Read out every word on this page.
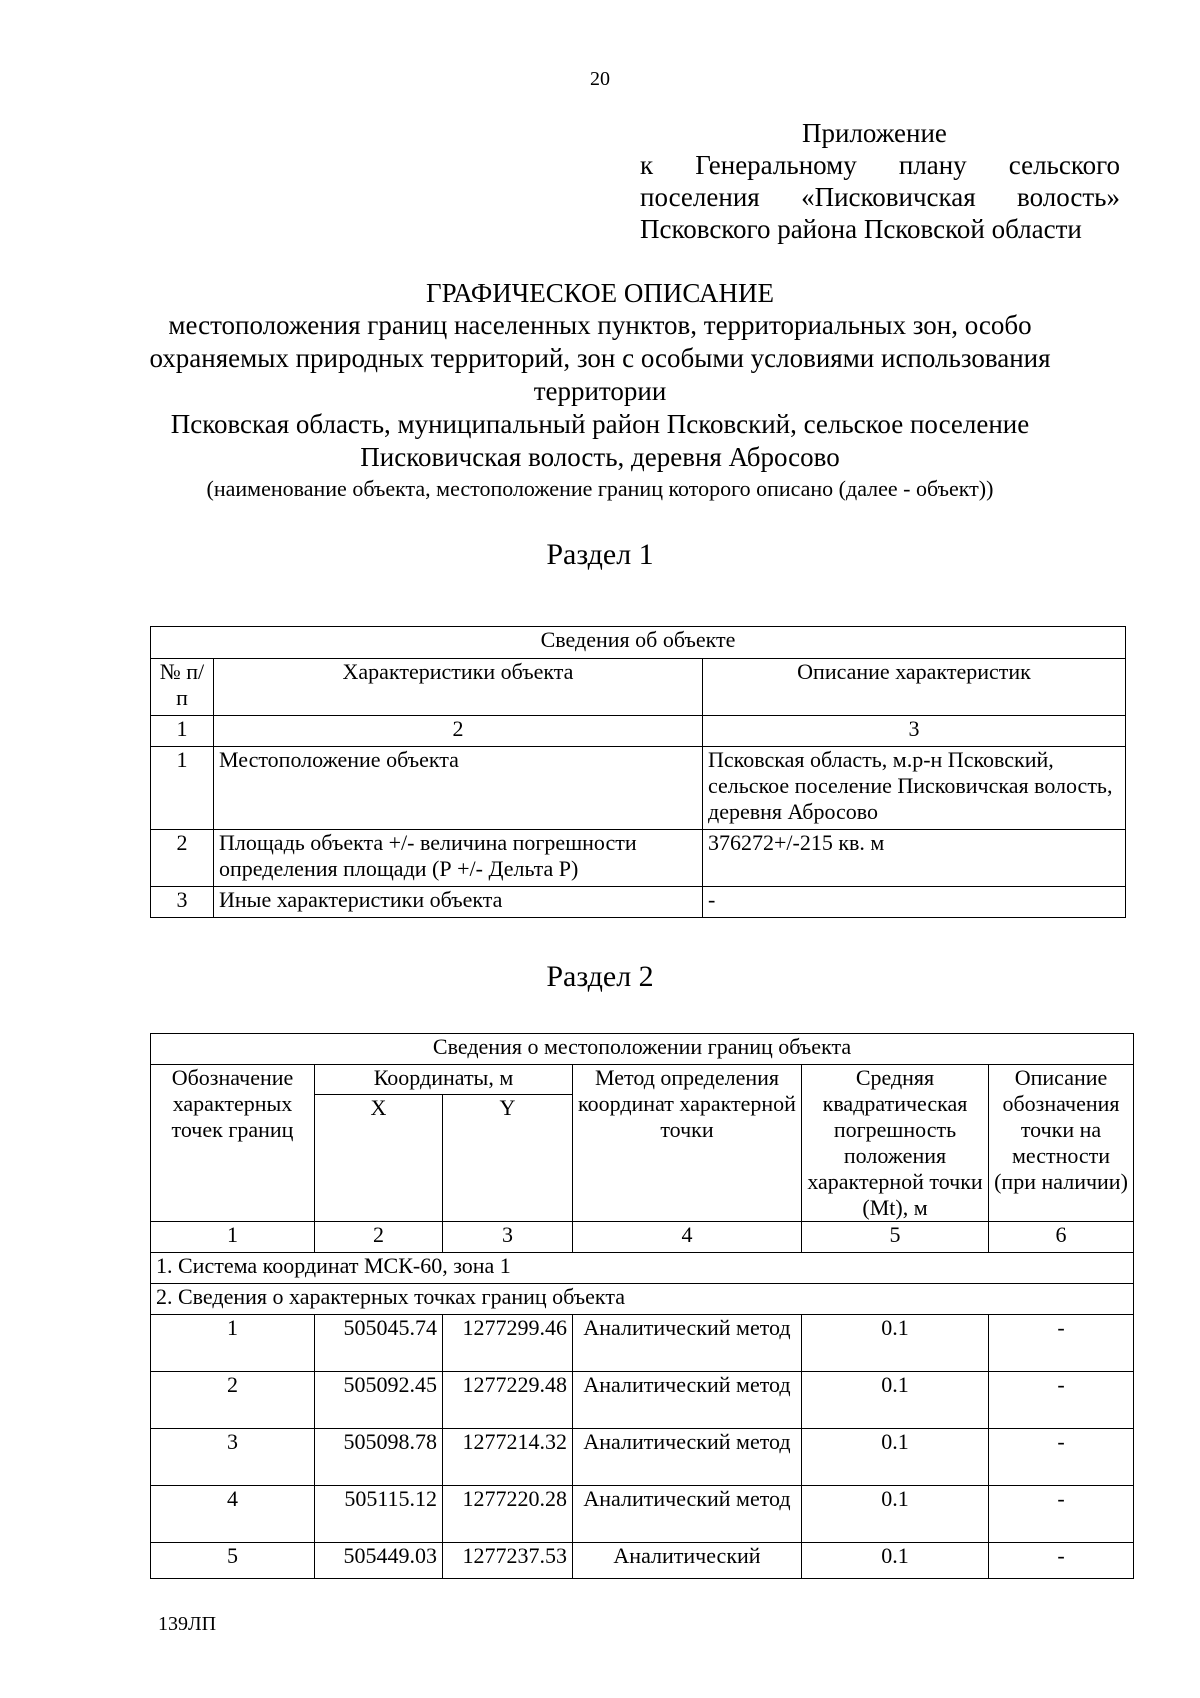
20
Приложение
к Генеральному плану сельского
поселения «Писковичская волость»
Псковского района Псковской области
ГРАФИЧЕСКОЕ ОПИСАНИЕ
местоположения границ населенных пунктов, территориальных зон, особо
охраняемых природных территорий, зон с особыми условиями использования
территории
Псковская область, муниципальный район Псковский, сельское поселение
Писковичская волость, деревня Абросово
(наименование объекта, местоположение границ которого описано (далее - объект))
Раздел 1
Сведения об объекте		
№ п/п	Характеристики объекта	Описание характеристик
1	2	3
1	Местоположение объекта	Псковская область, м.р-н Псковский, сельское поселение Писковичская волость, деревня Абросово
2	Площадь объекта +/- величина погрешности определения площади (Р +/- Дельта Р)	376272+/-215 кв. м
3	Иные характеристики объекта	-
Раздел 2
Сведения о местоположении границ объекта					
Обозначение характерных точек границ	Координаты, м		Метод определения координат характерной точки	Средняя квадратическая погрешность положения характерной точки (Mt), м	Описание обозначения точки на местности (при наличии)
	X	Y			
1	2	3	4	5	6
1. Система координат МСК-60, зона 1					
2. Сведения о характерных точках границ объекта					
1	505045.74	1277299.46	Аналитический метод	0.1	-
2	505092.45	1277229.48	Аналитический метод	0.1	-
3	505098.78	1277214.32	Аналитический метод	0.1	-
4	505115.12	1277220.28	Аналитический метод	0.1	-
5	505449.03	1277237.53	Аналитический	0.1	-
139ЛП
